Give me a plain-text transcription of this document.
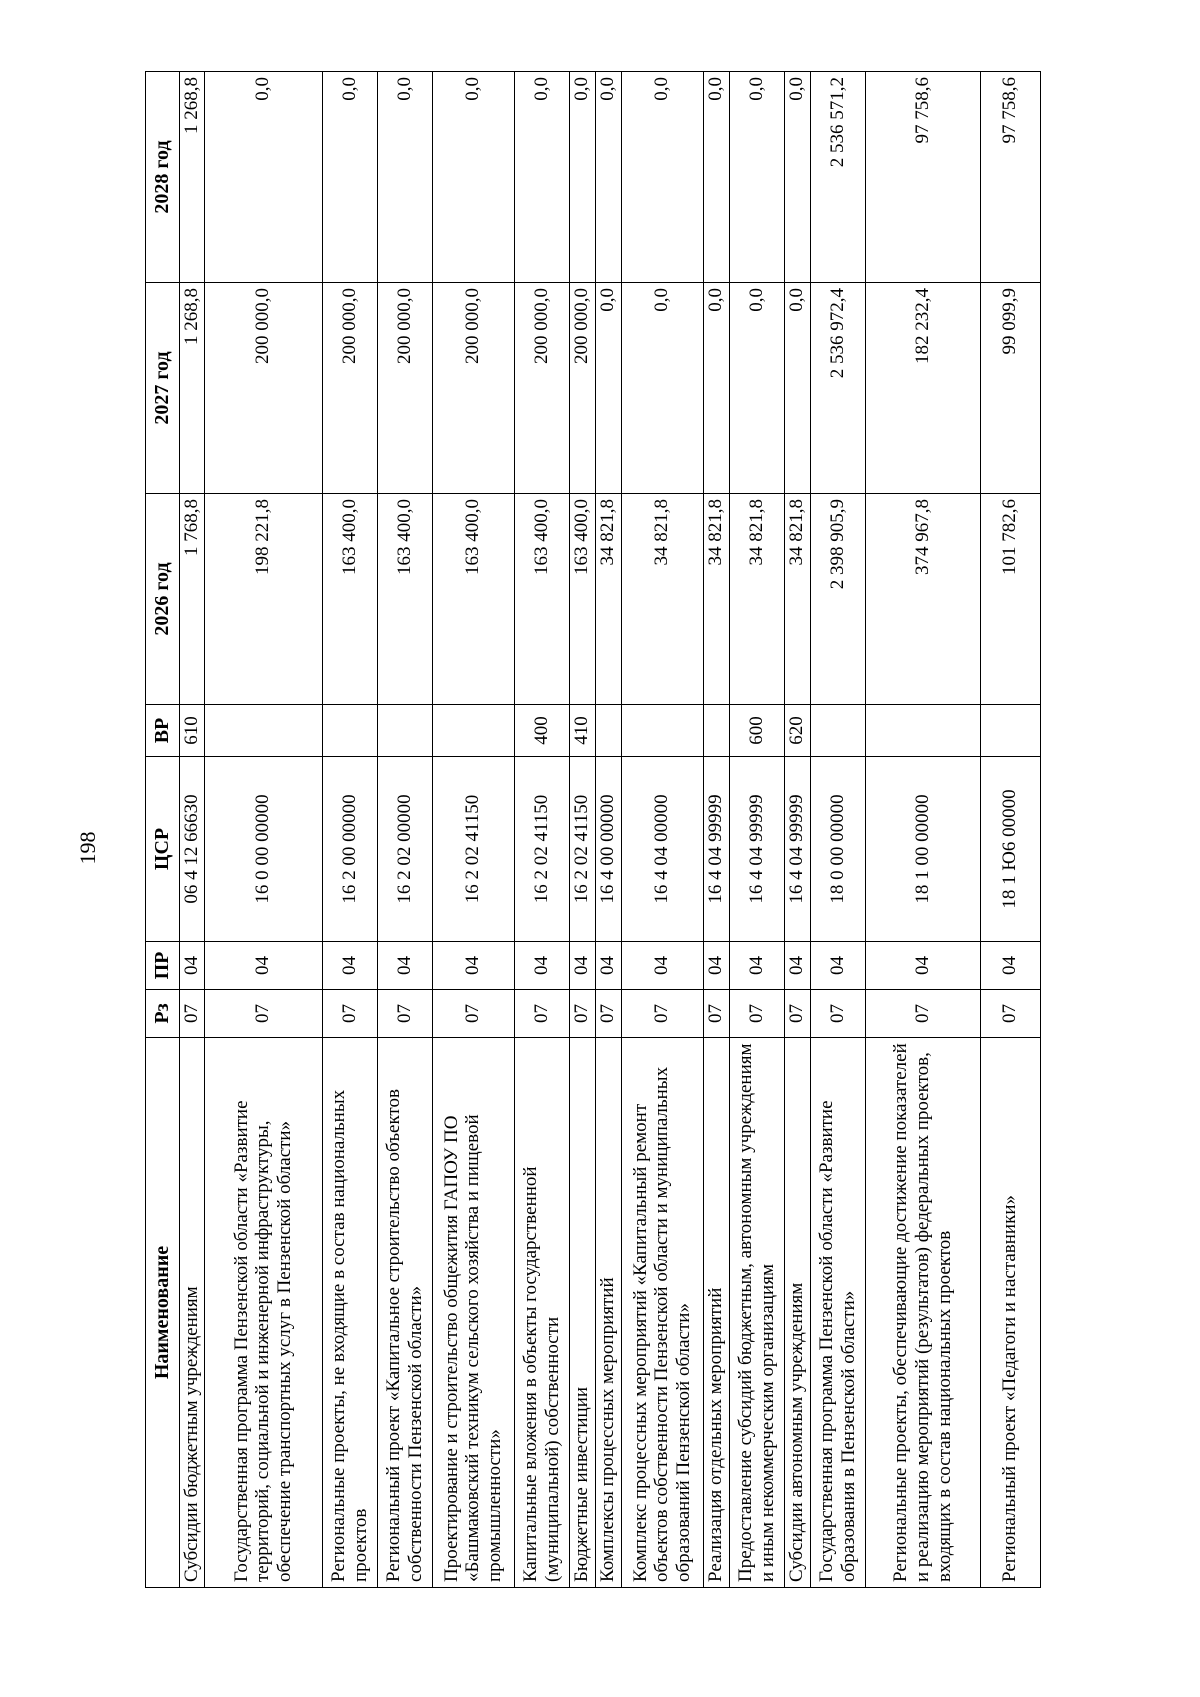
198
Наименование	Рз	ПР	ЦСР	ВР	2026 год	2027 год	2028 год
Субсидии бюджетным учреждениям	07	04	06 4 12 66630	610	1 768,8	1 268,8	1 268,8
Государственная программа Пензенской области «Развитие территорий, социальной и инженерной инфраструктуры, обеспечение транспортных услуг в Пензенской области»	07	04	16 0 00 00000		198 221,8	200 000,0	0,0
Региональные проекты, не входящие в состав национальных проектов	07	04	16 2 00 00000		163 400,0	200 000,0	0,0
Региональный проект «Капитальное строительство объектов собственности Пензенской области»	07	04	16 2 02 00000		163 400,0	200 000,0	0,0
Проектирование и строительство общежития ГАПОУ ПО «Башмаковский техникум сельского хозяйства и пищевой промышленности»	07	04	16 2 02 41150		163 400,0	200 000,0	0,0
Капитальные вложения в объекты государственной (муниципальной) собственности	07	04	16 2 02 41150	400	163 400,0	200 000,0	0,0
Бюджетные инвестиции	07	04	16 2 02 41150	410	163 400,0	200 000,0	0,0
Комплексы процессных мероприятий	07	04	16 4 00 00000		34 821,8	0,0	0,0
Комплекс процессных мероприятий «Капитальный ремонт объектов собственности Пензенской области и муниципальных образований Пензенской области»	07	04	16 4 04 00000		34 821,8	0,0	0,0
Реализация отдельных мероприятий	07	04	16 4 04 99999		34 821,8	0,0	0,0
Предоставление субсидий бюджетным, автономным учреждениям и иным некоммерческим организациям	07	04	16 4 04 99999	600	34 821,8	0,0	0,0
Субсидии автономным учреждениям	07	04	16 4 04 99999	620	34 821,8	0,0	0,0
Государственная программа Пензенской области «Развитие образования в Пензенской области»	07	04	18 0 00 00000		2 398 905,9	2 536 972,4	2 536 571,2
Региональные проекты, обеспечивающие достижение показателей и реализацию мероприятий (результатов) федеральных проектов, входящих в состав национальных проектов	07	04	18 1 00 00000		374 967,8	182 232,4	97 758,6
Региональный проект «Педагоги и наставники»	07	04	18 1 Ю6 00000		101 782,6	99 099,9	97 758,6
